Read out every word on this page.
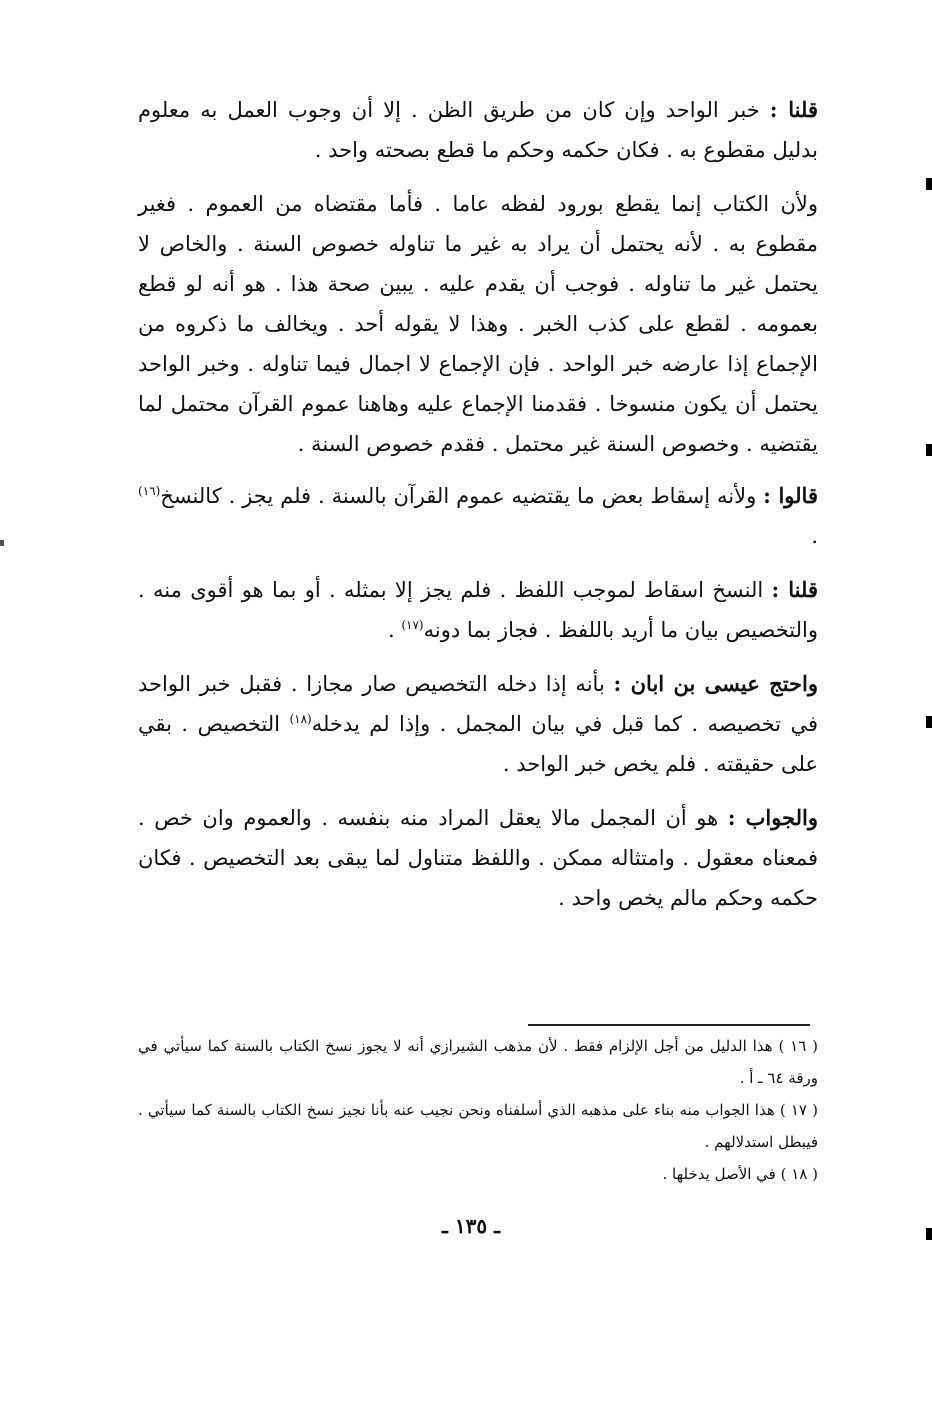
قلنا : خبر الواحد وإن كان من طريق الظن . إلا أن وجوب العمل به معلوم بدليل مقطوع به . فكان حكمه وحكم ما قطع بصحته واحد .

ولأن الكتاب إنما يقطع بورود لفظه عاما . فأما مقتضاه من العموم . فغير مقطوع به . لأنه يحتمل أن يراد به غير ما تناوله خصوص السنة . والخاص لا يحتمل غير ما تناوله . فوجب أن يقدم عليه . يبين صحة هذا . هو أنه لو قطع بعمومه . لقطع على كذب الخبر . وهذا لا يقوله أحد . ويخالف ما ذكروه من الإجماع إذا عارضه خبر الواحد . فإن الإجماع لا اجمال فيما تناوله . وخبر الواحد يحتمل أن يكون منسوخا . فقدمنا الإجماع عليه وهاهنا عموم القرآن محتمل لما يقتضيه . وخصوص السنة غير محتمل . فقدم خصوص السنة .

قالوا : ولأنه إسقاط بعض ما يقتضيه عموم القرآن بالسنة . فلم يجز . كالنسخ$^{(١٦)}$ .

قلنا : النسخ اسقاط لموجب اللفظ . فلم يجز إلا بمثله . أو بما هو أقوى منه . والتخصيص بيان ما أريد باللفظ . فجاز بما دونه$^{(١٧)}$ .

واحتج عيسى بن ابان : بأنه إذا دخله التخصيص صار مجازا . فقبل خبر الواحد في تخصيصه . كما قبل في بيان المجمل . وإذا لم يدخله$^{(١٨)}$ التخصيص . بقي على حقيقته . فلم يخص خبر الواحد .

والجواب : هو أن المجمل مالا يعقل المراد منه بنفسه . والعموم وان خص . فمعناه معقول . وامتثاله ممكن . واللفظ متناول لما يبقى بعد التخصيص . فكان حكمه وحكم مالم يخص واحد .

( ١٦ ) هذا الدليل من أجل الإلزام فقط . لأن مذهب الشيرازي أنه لا يجوز نسخ الكتاب بالسنة كما سيأتي في ورقة ٦٤ ـ أ .

( ١٧ ) هذا الجواب منه بناء على مذهبه الذي أسلفناه ونحن نجيب عنه بأنا نجيز نسخ الكتاب بالسنة كما سيأتي . فيبطل استدلالهم .

( ١٨ ) في الأصل يدخلها .

ـ ١٣٥ ـ
